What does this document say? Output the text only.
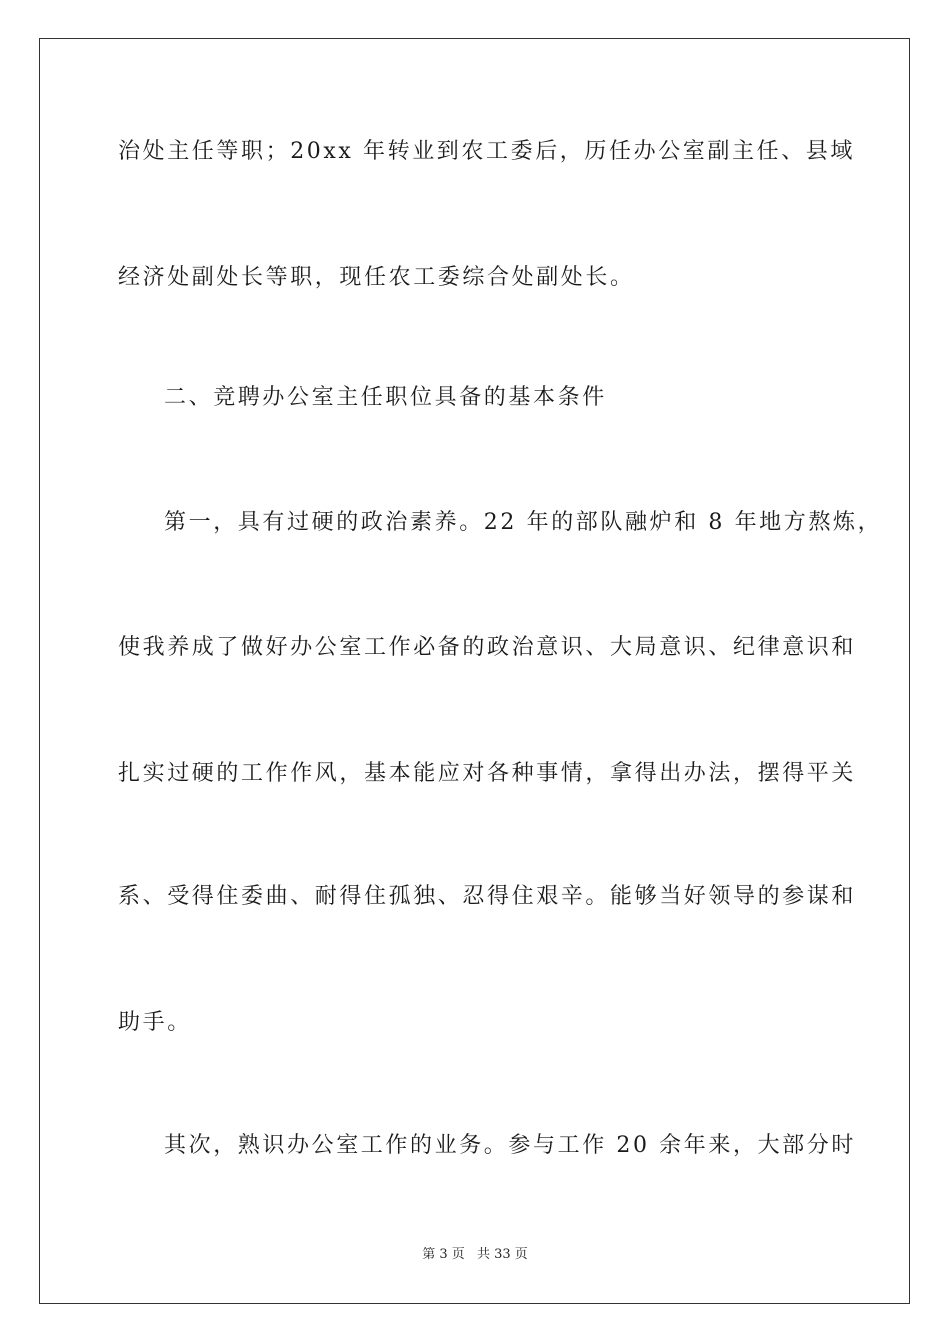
治处主任等职；20xx 年转业到农工委后，历任办公室副主任、县域
经济处副处长等职，现任农工委综合处副处长。
二、竞聘办公室主任职位具备的基本条件
第一，具有过硬的政治素养。22 年的部队融炉和 8 年地方熬炼，
使我养成了做好办公室工作必备的政治意识、大局意识、纪律意识和
扎实过硬的工作作风，基本能应对各种事情，拿得出办法，摆得平关
系、受得住委曲、耐得住孤独、忍得住艰辛。能够当好领导的参谋和
助手。
其次，熟识办公室工作的业务。参与工作 20 余年来，大部分时
第 3 页 共 33 页
